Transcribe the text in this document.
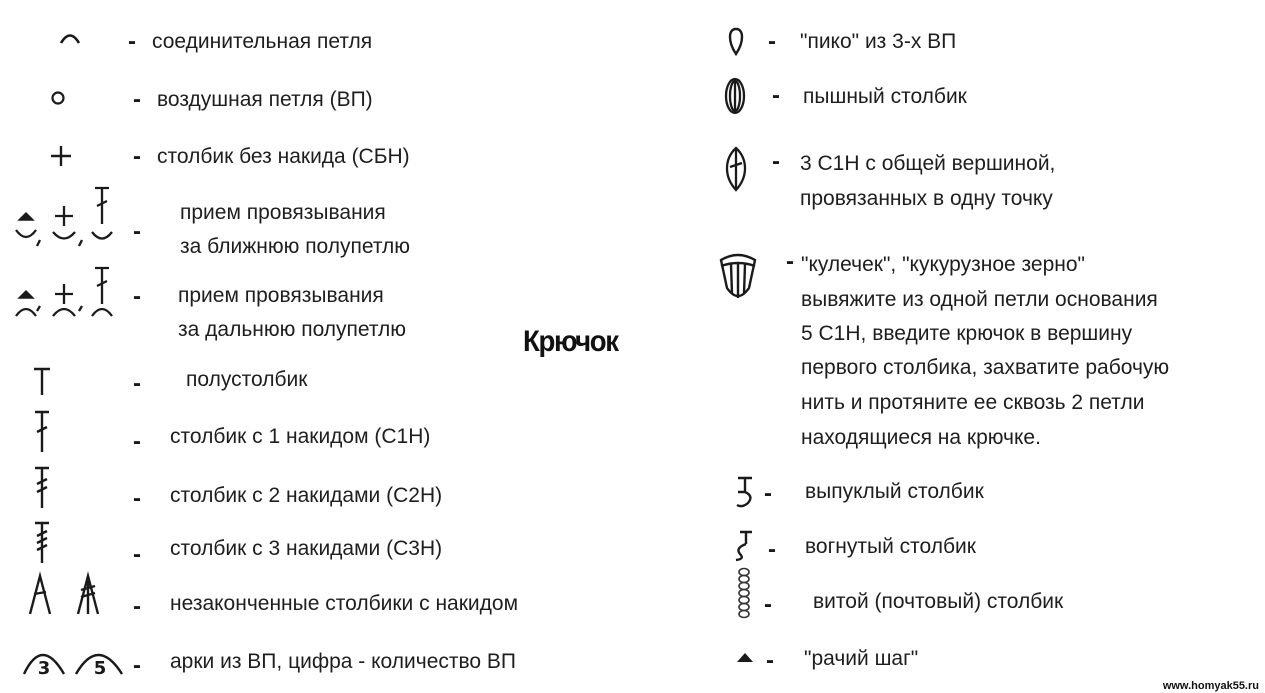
- соединительная петля
- воздушная петля (ВП)
- столбик без накида (СБН)
-
прием провязывания
за ближнюю полупетлю
- прием провязывания
за дальнюю полупетлю
- полустолбик
- столбик с 1 накидом (С1Н)
- столбик с 2 накидами (С2Н)
- столбик с 3 накидами (С3Н)
- незаконченные столбики с накидом
3 5 - арки из ВП, цифра - количество ВП
Крючок
- "пико" из 3-х ВП
- пышный столбик
- 3 С1Н с общей вершиной,
провязанных в одну точку
- "кулечек", "кукурузное зерно"
вывяжите из одной петли основания
5 С1Н, введите крючок в вершину
первого столбика, захватите рабочую
нить и протяните ее сквозь 2 петли
находящиеся на крючке.
- выпуклый столбик
- вогнутый столбик
- витой (почтовый) столбик
- "рачий шаг"
www.homyak55.ru
